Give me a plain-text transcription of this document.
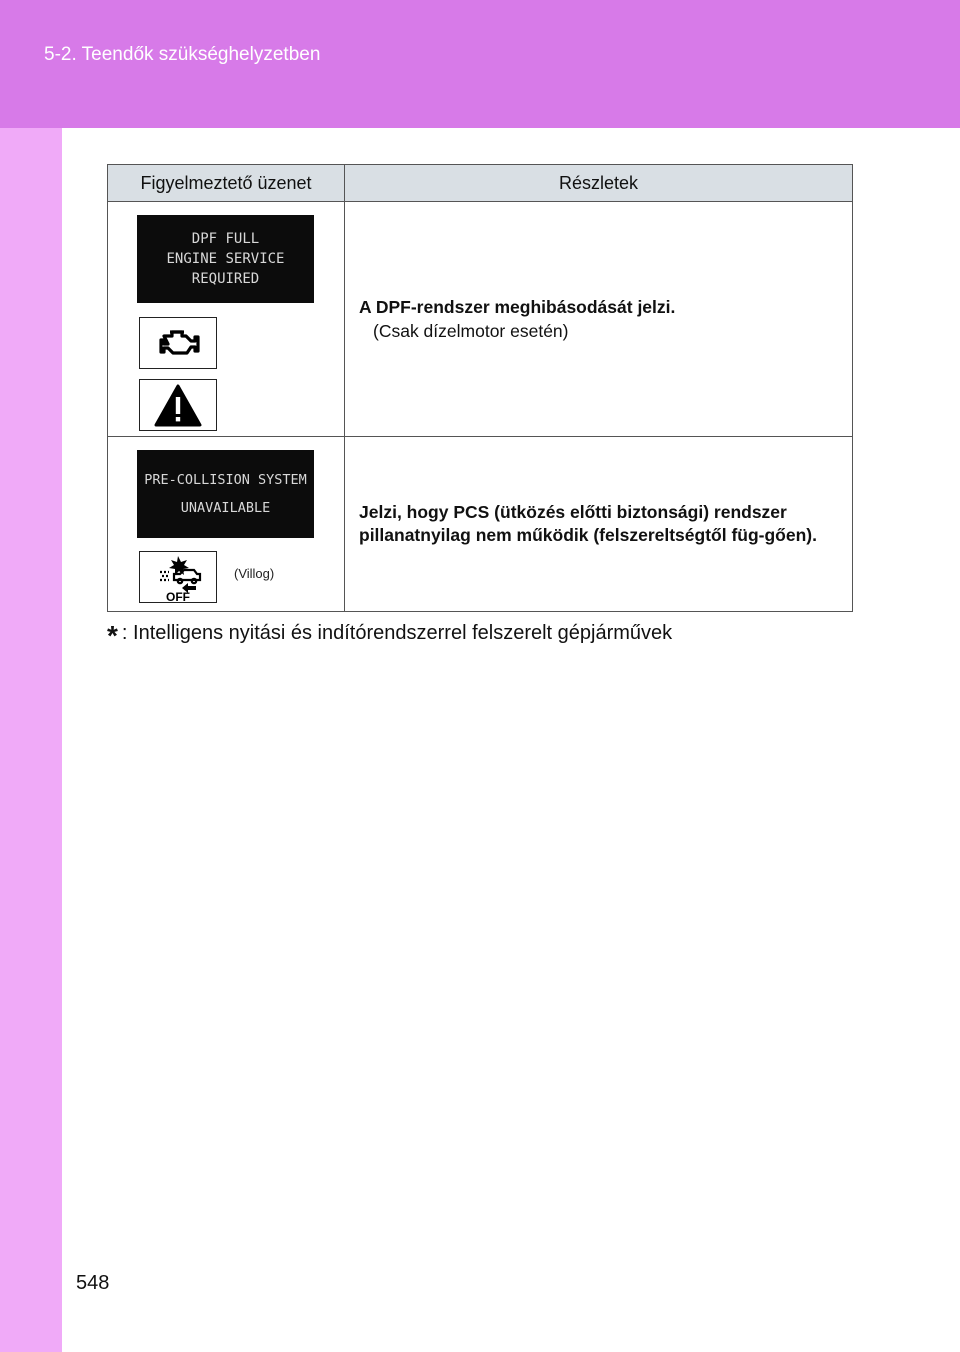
5-2. Teendők szükséghelyzetben
Figyelmeztető üzenet	Részletek

DPF FULL
ENGINE SERVICE
REQUIRED	A DPF-rendszer meghibásodását jelzi.
(Csak dízelmotor esetén)

PRE-COLLISION SYSTEM
UNAVAILABLE
OFF
(Villog)	Jelzi, hogy PCS (ütközés előtti biztonsági) rendszer pillanatnyilag nem működik (felszereltségtől füg-gően).
* : Intelligens nyitási és indítórendszerrel felszerelt gépjárművek
548
